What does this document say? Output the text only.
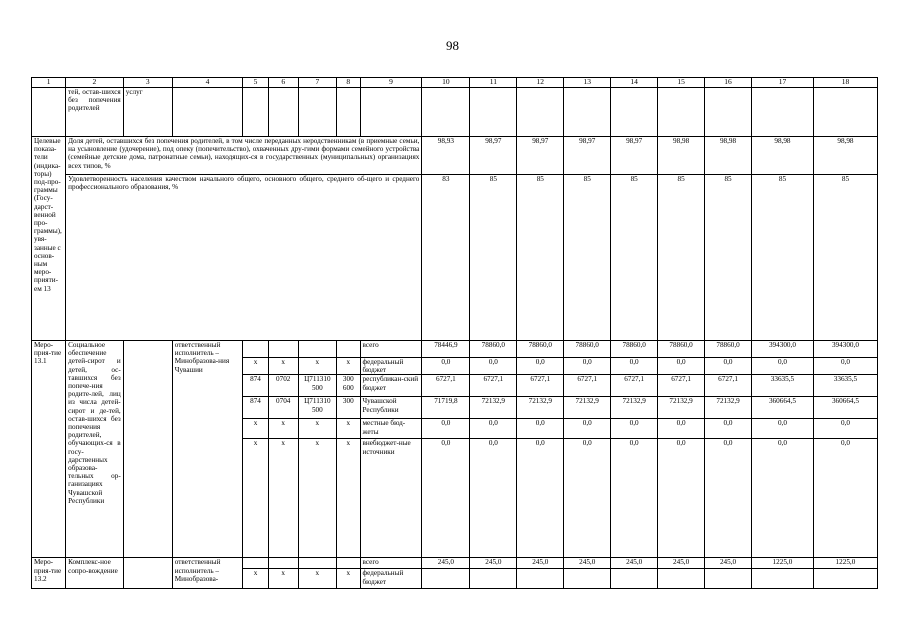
98
1	2	3	4	5	6	7	8	9	10	11	12	13	14	15	16	17	18
	тей, остав-шихся без попечения родителей	услуг															
Целевые показа-тели (индика-торы) под-про-граммы (Госу-дарст-венной про-граммы), увя-занные с основ-ным меро-прияти-ем 13	Доля детей, оставшихся без попечения родителей, в том числе переданных неродственникам (в приемные семьи, на усыновление (удочерение), под опеку (попечительство), охваченных дру-гими формами семейного устройства (семейные детские дома, патронатные семьи), находящих-ся в государственных (муниципальных) организациях всех типов, %								98,93	98,97	98,97	98,97	98,97	98,98	98,98	98,98	98,98
	Удовлетворенность населения качеством начального общего, основного общего, среднего об-щего и среднего профессионального образования, %								83	85	85	85	85	85	85	85	85
Меро-прия-тие 13.1	Социальное обеспечение детей-сирот и детей, ос-тавшихся без попече-ния родите-лей, лиц из числа детей-сирот и де-тей, остав-шихся без попечения родителей, обучающих-ся в госу-дарственных образова-тельных ор-ганизациях Чувашской Республики		ответственный исполнитель – Минобразова-ния Чувашии					всего	78446,9	78860,0	78860,0	78860,0	78860,0	78860,0	78860,0	394300,0	394300,0
				x	x	x	x	федеральный бюджет	0,0	0,0	0,0	0,0	0,0	0,0	0,0	0,0	0,0
				874	0702	Ц711310 500	300 600	республикан-ский бюджет	6727,1	6727,1	6727,1	6727,1	6727,1	6727,1	6727,1	33635,5	33635,5
				874	0704	Ц711310 500	300	Чувашской Республики	71719,8	72132,9	72132,9	72132,9	72132,9	72132,9	72132,9	360664,5	360664,5
				x	x	x	x	местные бюд-жеты	0,0	0,0	0,0	0,0	0,0	0,0	0,0	0,0	0,0
				x	x	x	x	внебюджет-ные источники	0,0	0,0	0,0	0,0	0,0	0,0	0,0	0,0	0,0
Меро-прия-тие 13.2	Комплекс-ное сопро-вождение		ответственный исполнитель – Минобразова-					всего	245,0	245,0	245,0	245,0	245,0	245,0	245,0	1225,0	1225,0
				x	x	x	x	федеральный бюджет									
